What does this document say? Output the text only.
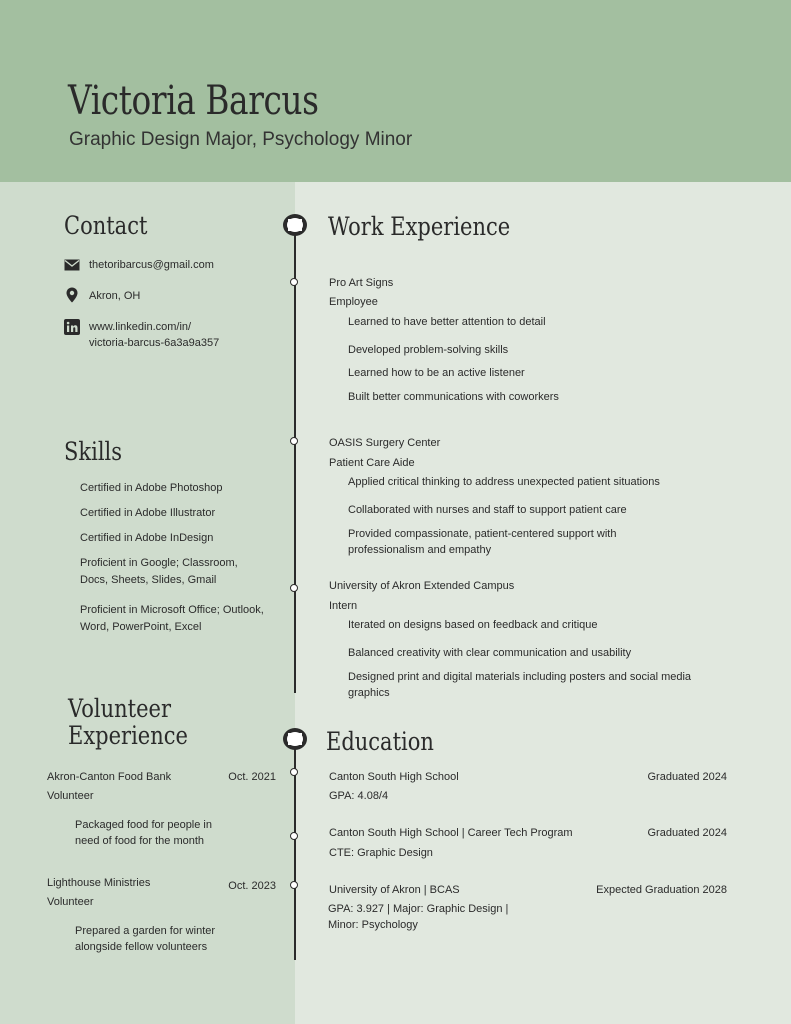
Victoria Barcus
Graphic Design Major, Psychology Minor
Contact
thetoribarcus@gmail.com
Akron, OH
www.linkedin.com/in/
victoria-barcus-6a3a9a357
Skills
Certified in Adobe Photoshop
Certified in Adobe Illustrator
Certified in Adobe InDesign
Proficient in Google; Classroom, Docs, Sheets, Slides, Gmail
Proficient in Microsoft Office; Outlook, Word, PowerPoint, Excel
Volunteer
Experience
Akron-Canton Food Bank	Oct. 2021
Volunteer
Packaged food for people in need of food for the month
Lighthouse Ministries	Oct. 2023
Volunteer
Prepared a garden for winter alongside fellow volunteers
Work Experience
Pro Art Signs
Employee
Learned to have better attention to detail
Developed problem-solving skills
Learned how to be an active listener
Built better communications with coworkers
OASIS Surgery Center
Patient Care Aide
Applied critical thinking to address unexpected patient situations
Collaborated with nurses and staff to support patient care
Provided compassionate, patient-centered support with professionalism and empathy
University of Akron Extended Campus
Intern
Iterated on designs based on feedback and critique
Balanced creativity with clear communication and usability
Designed print and digital materials including posters and social media graphics
Education
Canton South High School	Graduated 2024
GPA: 4.08/4
Canton South High School | Career Tech Program	Graduated 2024
CTE: Graphic Design
University of Akron | BCAS	Expected Graduation 2028
GPA: 3.927 | Major: Graphic Design | Minor: Psychology
